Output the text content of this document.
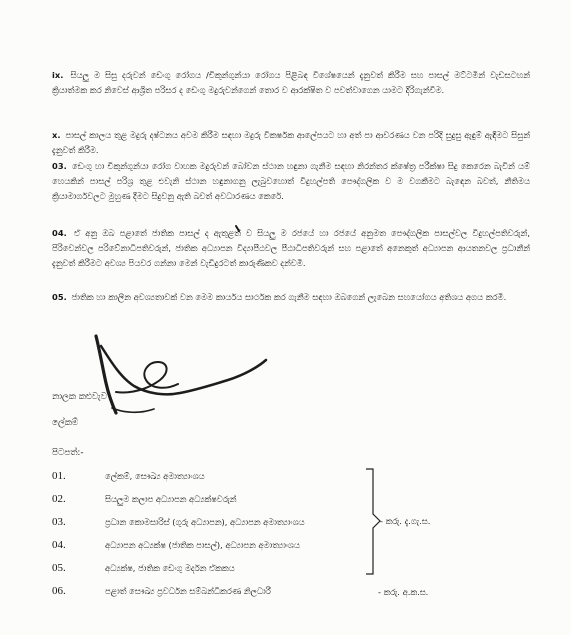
ix. සියලු ම සිසු දරුවන් ඩෙංගු රෝගය /චිකුන්ගුන්යා රෝගය පිළිබඳ විශේෂයෙන් දැනුවත් කිරීම සහ පාසල් මට්ටමින් වැඩසටහන් ක්‍රියාත්මක කර නිවෙස් ආශ්‍රිත පරිසර ද ඩෙංගු මදුරුවන්ගෙන් තොර ව ආරක්ෂිත ව පවත්වාගෙන යාමට දිරිගැන්වීම.

x. පාසල් කාලය තුළ මදුරු දෂ්ටනය අවම කිරීම සඳහා මදුරු විකර්ෂක ආලේපයට හා අත් පා ආවරණය වන පරිදි සුදුසු ඇඳුම් ඇඳීමට සිසුන් දැනුවත් කිරීම.

03. ඩෙංගු හා චිකුන්ගුන්යා රෝග වාහක මදුරුවන් බෝවන ස්ථාන හඳුනා ගැනීම සඳහා නිරන්තර ක්ෂේත්‍ර පරීක්ෂා සිදු කෙරෙන බැවින් යම් හෙයකින් පාසල් පරිශ්‍ර තුළ එවැනි ස්ථාන හඳුනාගනු ලැබුවහොත් විදුහල්පති පෞද්ගලික ව ම වගකීමට බැඳෙන බවත්, නීතිමය ක්‍රියාමාර්ගවලට මුහුණ දීමට සිදුවනු ඇති බවත් අවධාරණය කෙරේ.

04. ඒ අනු ඔබ පළාතේ ජාතික පාසල් ද ඇතුළත් ව සියලු ම රජයේ හා රජයේ අනුමත පෞද්ගලික පාසල්වල විදුහල්පතිවරුන්, පිරිවෙන්වල පරිවේනාධිපතිවරුන්, ජාතික අධ්‍යාපන විද්‍යාපීඨවල පීඨාධිපතිවරුන් සහ පළාතේ අනෙකුත් අධ්‍යාපන ආයතනවල ප්‍රධානීන් දැනුවත් කිරීමට අවශ්‍ය පියවර ගන්නා මෙන් වැඩිදුරටත් කාරුණිකව දන්වමි.

05. ජාතික හා කාලීන අවශ්‍යතාවක් වන මෙම කාර්යය සාර්ථක කර ගැනීම සඳහා ඔබගෙන් ලැබෙන සහයෝගය අතිශය අගය කරමි.

නාලක කළුවැව

ලේකම්

පිටපත්:-

01.	ලේකම්, සෞඛ්‍ය අමාත්‍යාංශය
02.	සියලුම කලාප අධ්‍යාපන අධ්‍යක්ෂවරුන්
03.	ප්‍රධාන කොමසාරිස් (ගුරු අධ්‍යාපන), අධ්‍යාපන අමාත්‍යාංශය
04.	අධ්‍යාපන අධ්‍යක්ෂ (ජාතික පාසල්), අධ්‍යාපන අමාත්‍යාංශය
05.	අධ්‍යක්ෂ, ජාතික ඩෙංගු මර්දන ඒකකය
06.	පළාත් සෞඛ්‍ය ප්‍රවර්ධන සම්බන්ධීකරණ නිලධාරී
- කරු. දැ.ගැ.ස.
- කරු. අ.ක.ස.
